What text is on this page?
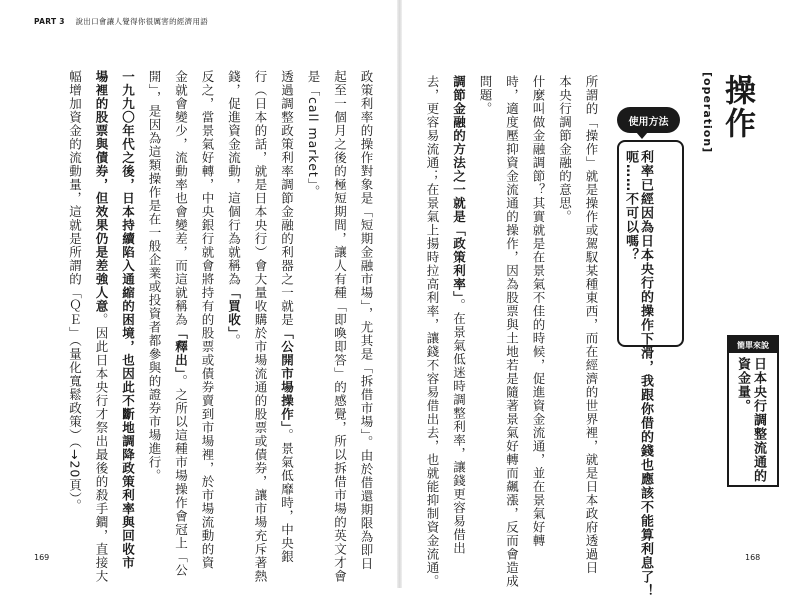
PART 3 說出口會讓人覺得你很厲害的經濟用語
政策利率的操作對象是「短期金融市場」，尤其是「拆借市場」。由於借還期限為即日
起至一個月之後的極短期間，讓人有種「即喚即答」的感覺，所以拆借市場的英文才會
是「call market」。
透過調整政策利率調節金融的利器之一就是「公開市場操作」。景氣低靡時，中央銀
行（日本的話，就是日本央行）會大量收購於市場流通的股票或債券，讓市場充斥著熱
錢，促進資金流動，這個行為就稱為「買收」。
反之，當景氣好轉，中央銀行就會將持有的股票或債券賣到市場裡，於市場流動的資
金就會變少，流動率也會變差，而這就稱為「釋出」。之所以這種市場操作會冠上「公
開」，是因為這類操作是在一般企業或投資者都參與的證券市場進行。
一九九〇年代之後，日本持續陷入通縮的困境，也因此不斷地調降政策利率與回收市
場裡的股票與債券，但效果仍是差強人意。因此日本央行才祭出最後的殺手鐧，直接大
幅增加資金的流動量，這就是所謂的「ＱＥ」（量化寬鬆政策）（→20頁）。	所謂的「操作」就是操作或駕馭某種東西，而在經濟的世界裡，就是日本政府透過日
本央行調節金融的意思。
什麼叫做金融調節？其實就是在景氣不佳的時候，促進資金流通，並在景氣好轉
時，適度壓抑資金流通的操作，因為股票與土地若是隨著景氣好轉而飆漲，反而會造成
問題。
調節金融的方法之一就是「政策利率」。在景氣低迷時調整利率，讓錢更容易借出
去，更容易流通；在景氣上揚時拉高利率，讓錢不容易借出去，也就能抑制資金流通。	操作
[operation]
使用方法
利率已經因為日本央行的操作下滑，我跟你借的錢也應該不能算利息了！
呃……不可以嗎？
簡單來說
日本央行調整流通的資金量。
169	168
